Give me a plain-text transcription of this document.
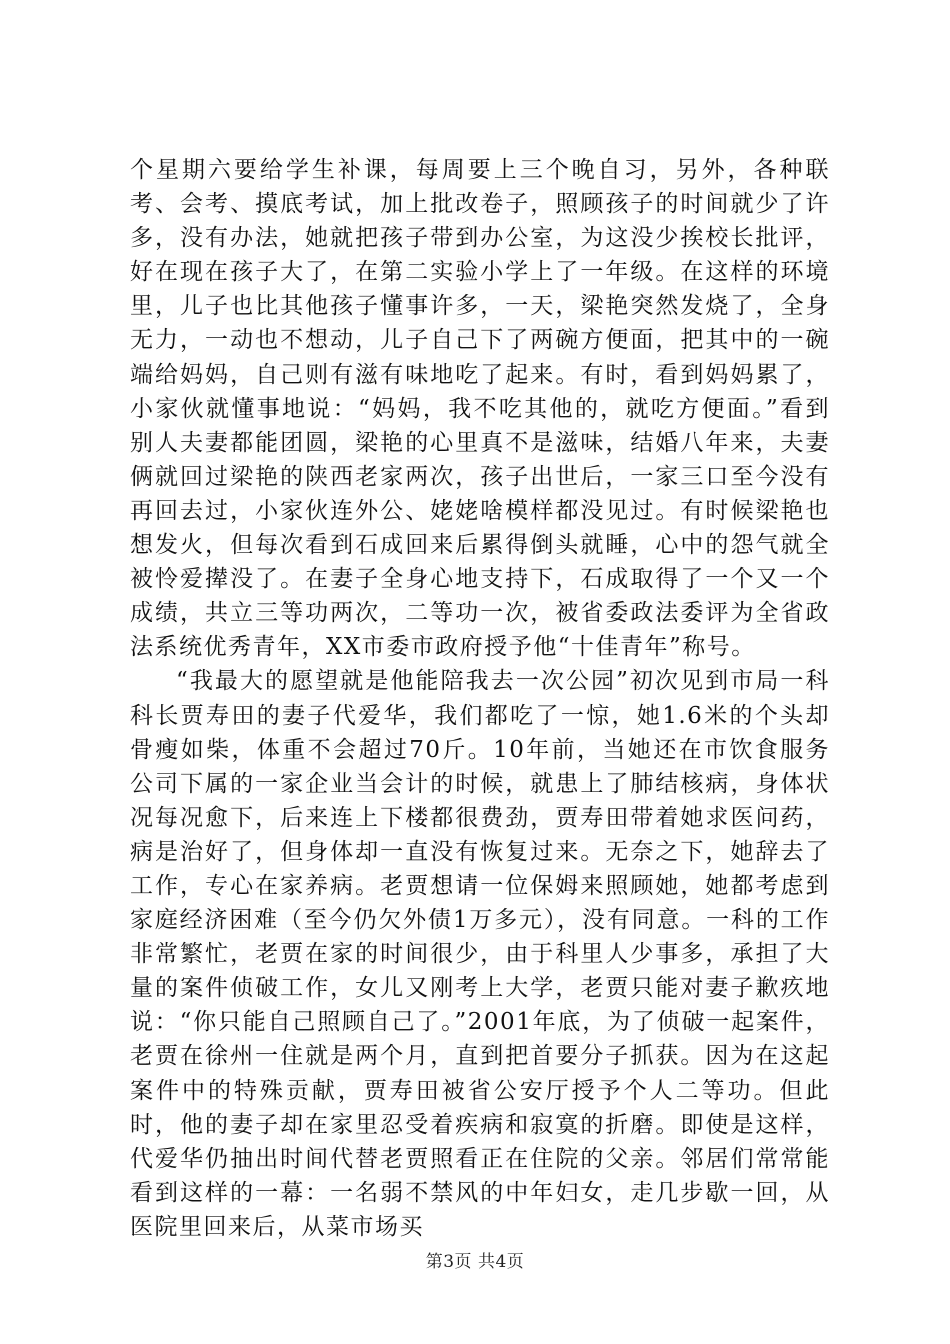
个星期六要给学生补课，每周要上三个晚自习，另外，各种联考、会考、摸底考试，加上批改卷子，照顾孩子的时间就少了许多，没有办法，她就把孩子带到办公室，为这没少挨校长批评，好在现在孩子大了，在第二实验小学上了一年级。在这样的环境里，儿子也比其他孩子懂事许多，一天，梁艳突然发烧了，全身无力，一动也不想动，儿子自己下了两碗方便面，把其中的一碗端给妈妈，自己则有滋有味地吃了起来。有时，看到妈妈累了，小家伙就懂事地说：“妈妈，我不吃其他的，就吃方便面。”看到别人夫妻都能团圆，梁艳的心里真不是滋味，结婚八年来，夫妻俩就回过梁艳的陕西老家两次，孩子出世后，一家三口至今没有再回去过，小家伙连外公、姥姥啥模样都没见过。有时候梁艳也想发火，但每次看到石成回来后累得倒头就睡，心中的怨气就全被怜爱撵没了。在妻子全身心地支持下，石成取得了一个又一个成绩，共立三等功两次，二等功一次，被省委政法委评为全省政法系统优秀青年，XX市委市政府授予他“十佳青年”称号。

“我最大的愿望就是他能陪我去一次公园”初次见到市局一科科长贾寿田的妻子代爱华，我们都吃了一惊，她1.6米的个头却骨瘦如柴，体重不会超过70斤。10年前，当她还在市饮食服务公司下属的一家企业当会计的时候，就患上了肺结核病，身体状况每况愈下，后来连上下楼都很费劲，贾寿田带着她求医问药，病是治好了，但身体却一直没有恢复过来。无奈之下，她辞去了工作，专心在家养病。老贾想请一位保姆来照顾她，她都考虑到家庭经济困难（至今仍欠外债1万多元），没有同意。一科的工作非常繁忙，老贾在家的时间很少，由于科里人少事多，承担了大量的案件侦破工作，女儿又刚考上大学，老贾只能对妻子歉疚地说：“你只能自己照顾自己了。”2001年底，为了侦破一起案件，老贾在徐州一住就是两个月，直到把首要分子抓获。因为在这起案件中的特殊贡献，贾寿田被省公安厅授予个人二等功。但此时，他的妻子却在家里忍受着疾病和寂寞的折磨。即使是这样，代爱华仍抽出时间代替老贾照看正在住院的父亲。邻居们常常能看到这样的一幕：一名弱不禁风的中年妇女，走几步歇一回，从医院里回来后，从菜市场买

第3页 共4页
